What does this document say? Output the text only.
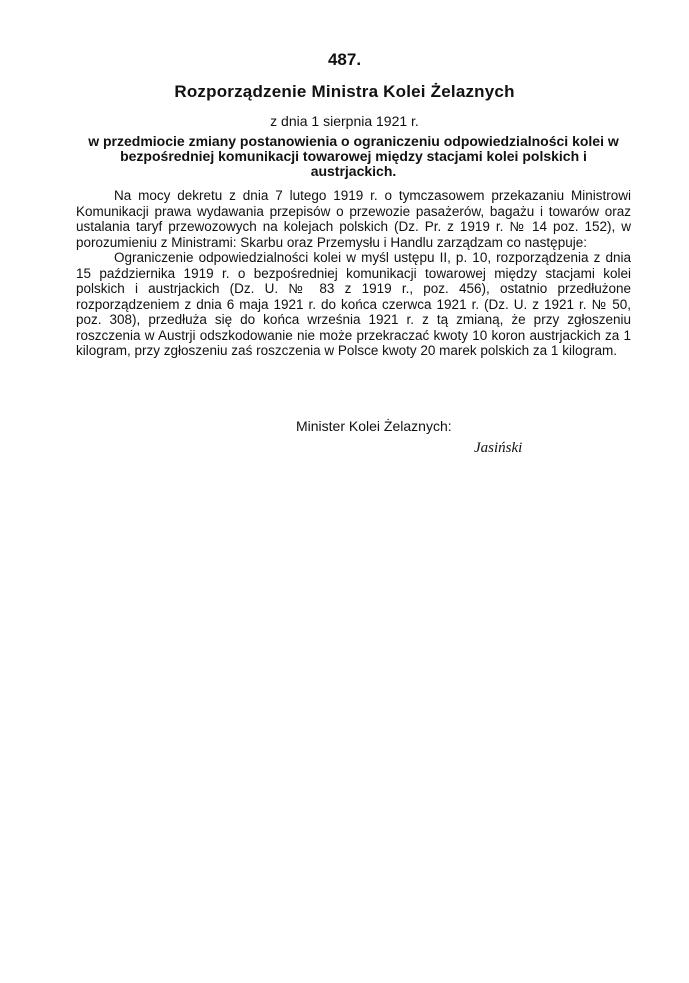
487.
Rozporządzenie Ministra Kolei Żelaznych
z dnia 1 sierpnia 1921 r.
w przedmiocie zmiany postanowienia o ograniczeniu odpowiedzialności kolei w bezpośredniej komunikacji towarowej między stacjami kolei polskich i austrjackich.

Na mocy dekretu z dnia 7 lutego 1919 r. o tymczasowem przekazaniu Ministrowi Komunikacji prawa wydawania przepisów o przewozie pasażerów, bagażu i towarów oraz ustalania taryf przewozowych na kolejach polskich (Dz. Pr. z 1919 r. № 14 poz. 152), w porozumieniu z Ministrami: Skarbu oraz Przemysłu i Handlu zarządzam co następuje:

Ograniczenie odpowiedzialności kolei w myśl ustępu II, p. 10, rozporządzenia z dnia 15 października 1919 r. o bezpośredniej komunikacji towarowej między stacjami kolei polskich i austrjackich (Dz. U. № 83 z 1919 r., poz. 456), ostatnio przedłużone rozporządzeniem z dnia 6 maja 1921 r. do końca czerwca 1921 r. (Dz. U. z 1921 r. № 50, poz. 308), przedłuża się do końca września 1921 r. z tą zmianą, że przy zgłoszeniu roszczenia w Austrji odszkodowanie nie może przekraczać kwoty 10 koron austrjackich za 1 kilogram, przy zgłoszeniu zaś roszczenia w Polsce kwoty 20 marek polskich za 1 kilogram.

Minister Kolei Żelaznych:
Jasiński
